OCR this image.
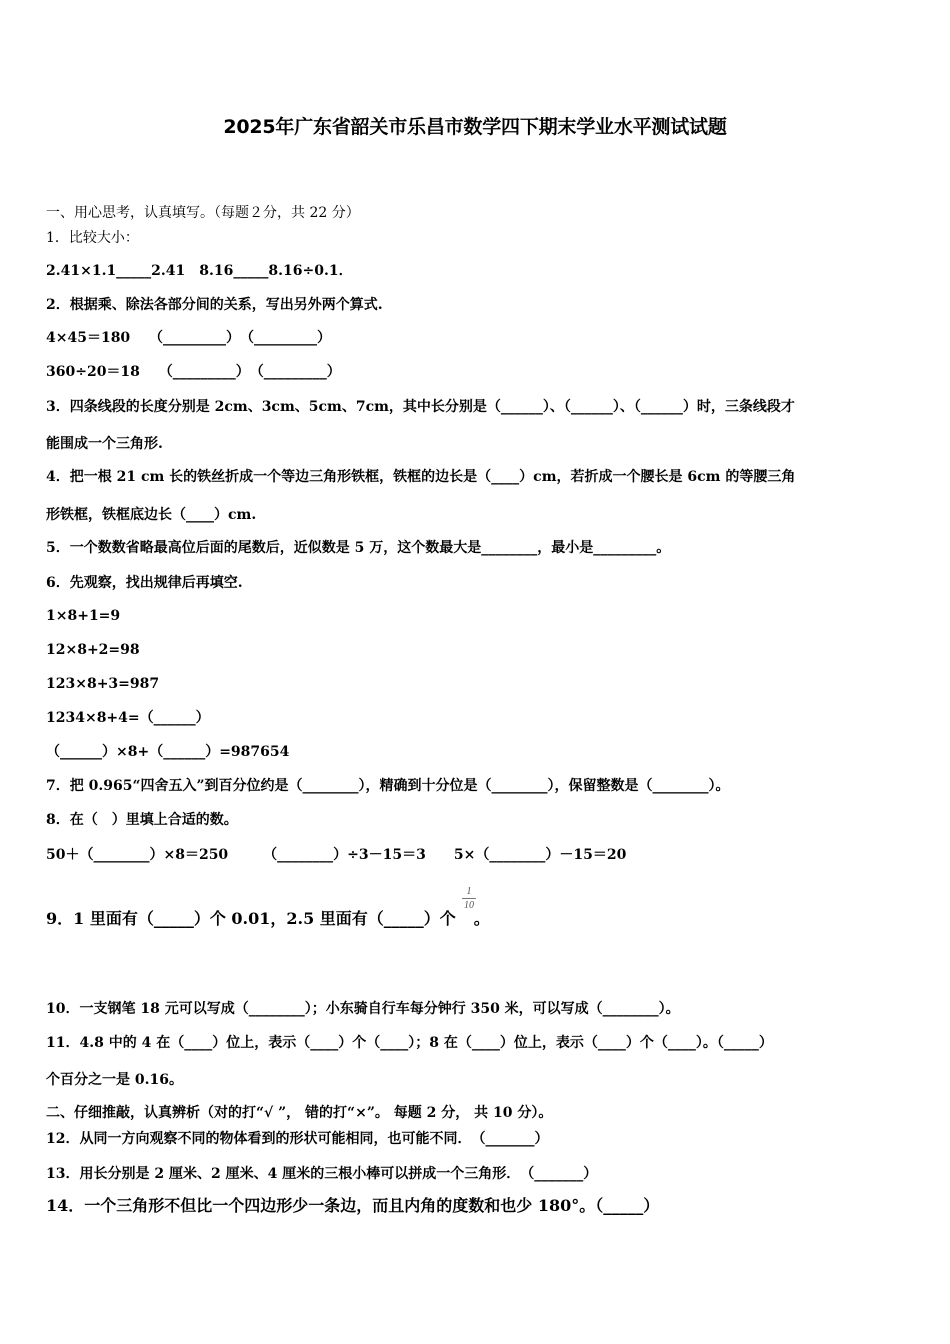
2025年广东省韶关市乐昌市数学四下期末学业水平测试试题
一、用心思考，认真填写。（每题２分，共 22 分）
1．比较大小：
2.41×1.1_____2.41　8.16_____8.16÷0.1．
2．根据乘、除法各部分间的关系，写出另外两个算式.
4×45＝180　 （_________）　（_________）
360÷20＝18　 （_________）　（_________）
3．四条线段的长度分别是 2cm、3cm、5cm、7cm，其中长分别是（______）、（______）、（______）时，三条线段才
能围成一个三角形.
4．把一根 21 cm 长的铁丝折成一个等边三角形铁框，铁框的边长是（____）cm，若折成一个腰长是 6cm 的等腰三角
形铁框，铁框底边长（____）cm.
5．一个数数省略最高位后面的尾数后，近似数是 5 万，这个数最大是________，最小是_________。
6．先观察，找出规律后再填空.
1×8+1=9
12×8+2=98
123×8+3=987
1234×8+4=（______）
（______）×8+（______）=987654
7．把 0.965“四舍五入”到百分位约是（________），精确到十分位是（________），保留整数是（________）。
8．在（　）里填上合适的数。
50＋（________）×8＝250　　　（________）÷3－15＝3　　5×（________）－15＝20
9．1 里面有（_____）个 0.01，2.5 里面有（_____）个 。
1
10
10．一支钢笔 18 元可以写成（________）；小东骑自行车每分钟行 350 米，可以写成（________）。
11．4.8 中的 4 在（____）位上，表示（____）个（____）；8 在（____）位上，表示（____）个（____）。（_____）
个百分之一是 0.16。
二、仔细推敲，认真辨析（对的打“√ ”， 错的打“×”。 每题 2 分， 共 10 分）。
12．从同一方向观察不同的物体看到的形状可能相同，也可能不同．　（_______）
13．用长分别是 2 厘米、2 厘米、4 厘米的三根小棒可以拼成一个三角形．　（_______）
14．一个三角形不但比一个四边形少一条边，而且内角的度数和也少 180°。（_____）
